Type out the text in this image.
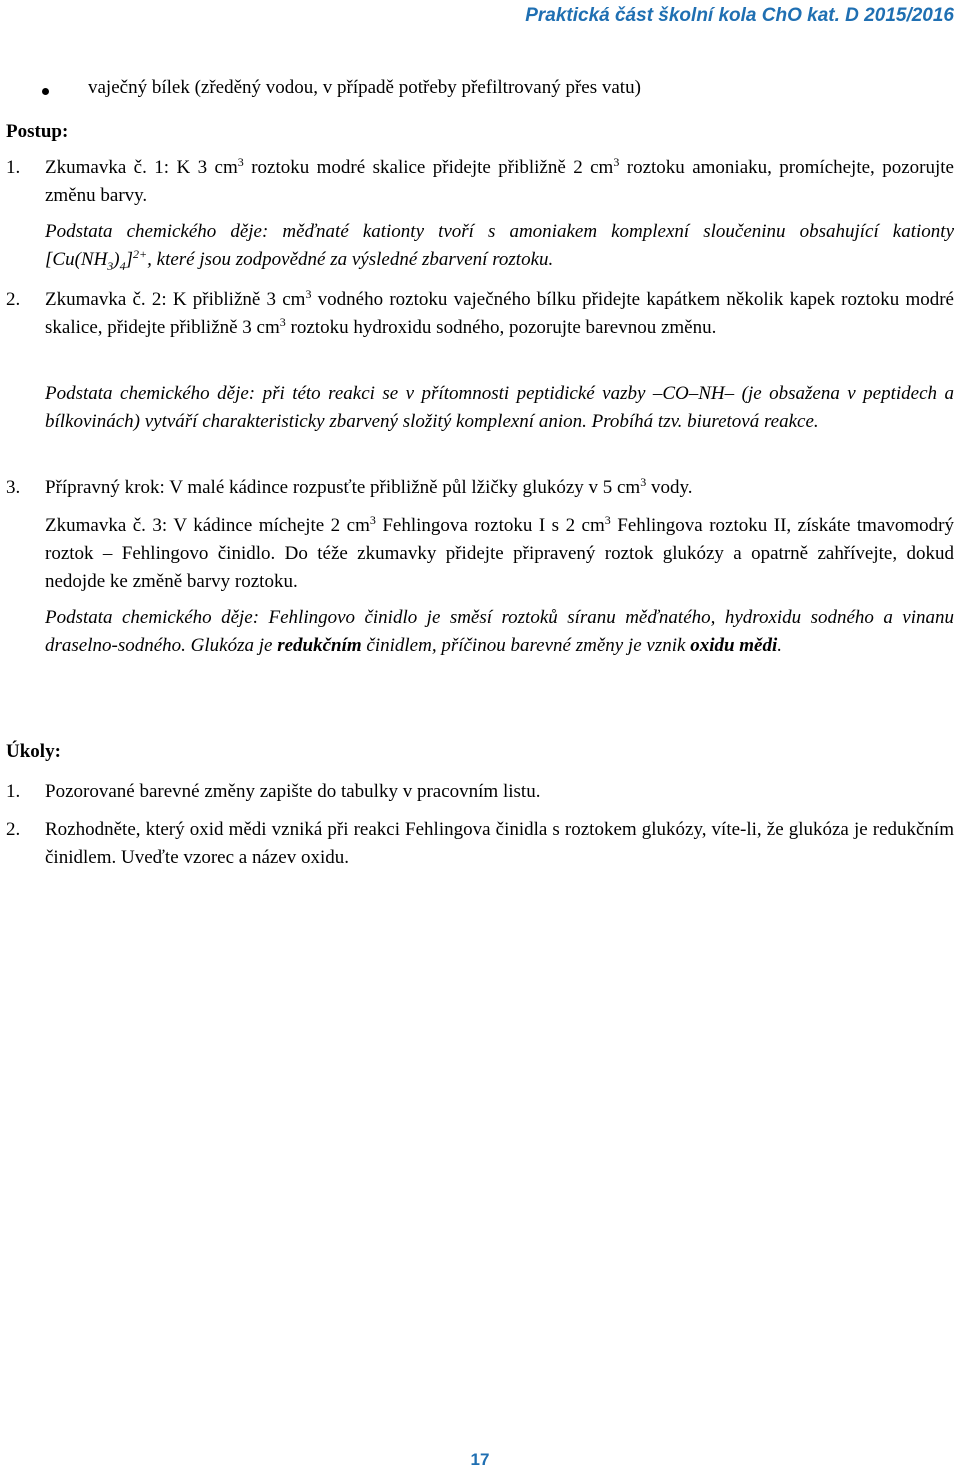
Praktická část školní kola ChO kat. D 2015/2016
vaječný bílek (zředěný vodou, v případě potřeby přefiltrovaný přes vatu)
Postup:
1. Zkumavka č. 1: K 3 $cm^3$ roztoku modré skalice přidejte přibližně 2 $cm^3$ roztoku amoniaku, promíchejte, pozorujte změnu barvy.
Podstata chemického děje: měďnaté kationty tvoří s amoniakem komplexní sloučeninu obsahující kationty $[Cu(NH_3)_4]^{2+}$, které jsou zodpovědné za výsledné zbarvení roztoku.
2. Zkumavka č. 2: K přibližně 3 $cm^3$ vodného roztoku vaječného bílku přidejte kapátkem několik kapek roztoku modré skalice, přidejte přibližně 3 $cm^3$ roztoku hydroxidu sodného, pozorujte barevnou změnu.
Podstata chemického děje: při této reakci se v přítomnosti peptidické vazby –CO–NH– (je obsažena v peptidech a bílkovinách) vytváří charakteristicky zbarvený složitý komplexní anion. Probíhá tzv. biuretová reakce.
3. Přípravný krok: V malé kádince rozpusťte přibližně půl lžičky glukózy v 5 $cm^3$ vody.
Zkumavka č. 3: V kádince míchejte 2 $cm^3$ Fehlingova roztoku I s 2 $cm^3$ Fehlingova roztoku II, získáte tmavomodrý roztok – Fehlingovo činidlo. Do téže zkumavky přidejte připravený roztok glukózy a opatrně zahřívejte, dokud nedojde ke změně barvy roztoku.
Podstata chemického děje: Fehlingovo činidlo je směsí roztoků síranu měďnatého, hydroxidu sodného a vinanu draselno-sodného. Glukóza je redukčním činidlem, příčinou barevné změny je vznik oxidu mědi.
Úkoly:
1. Pozorované barevné změny zapište do tabulky v pracovním listu.
2. Rozhodněte, který oxid mědi vzniká při reakci Fehlingova činidla s roztokem glukózy, víte-li, že glukóza je redukčním činidlem. Uveďte vzorec a název oxidu.
17
